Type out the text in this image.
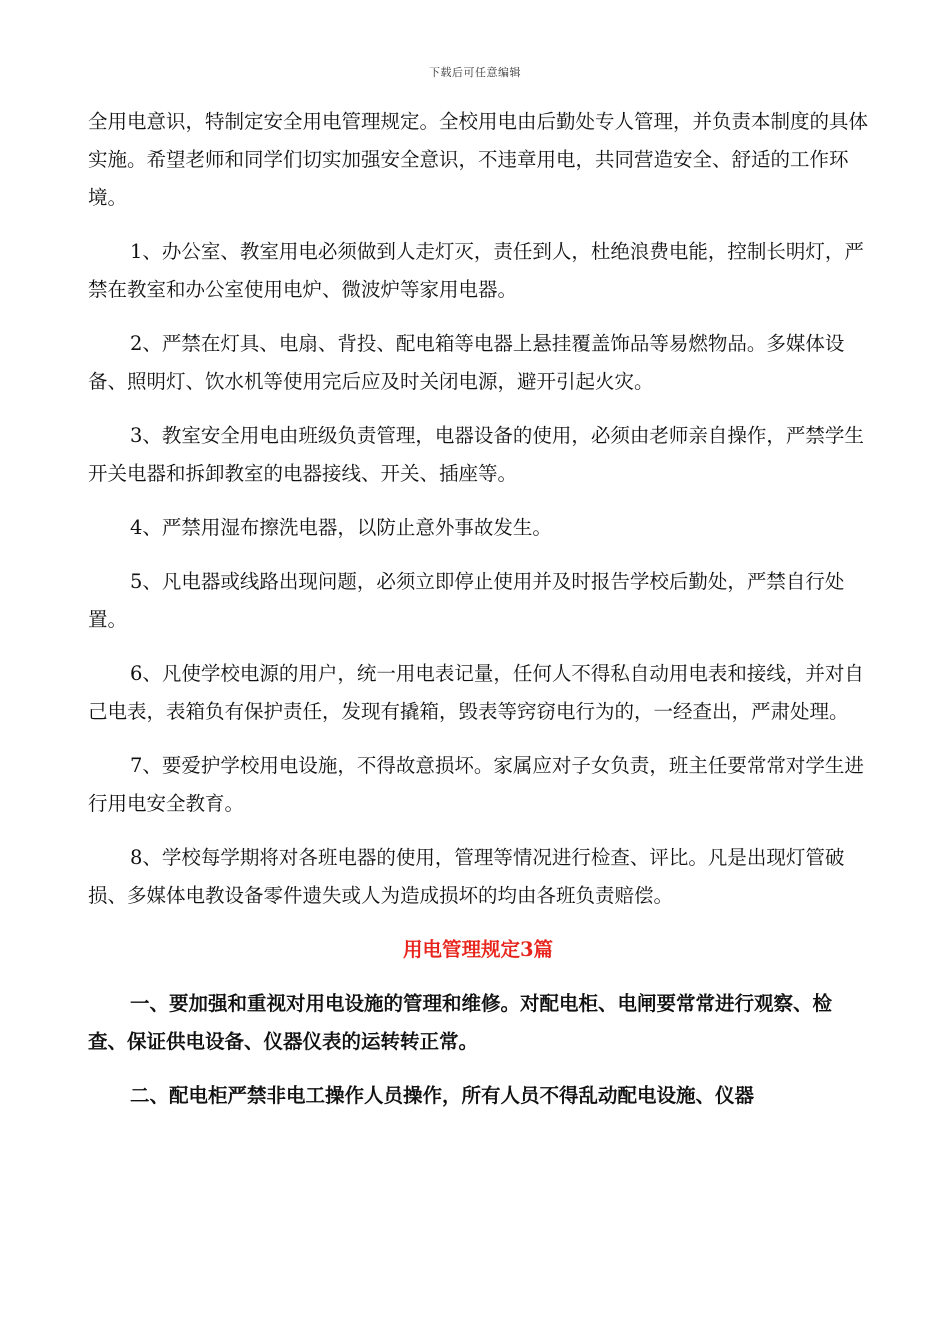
下载后可任意编辑

全用电意识，特制定安全用电管理规定。全校用电由后勤处专人管理，并负责本制度的具体实施。希望老师和同学们切实加强安全意识，不违章用电，共同营造安全、舒适的工作环境。

1、办公室、教室用电必须做到人走灯灭，责任到人，杜绝浪费电能，控制长明灯，严禁在教室和办公室使用电炉、微波炉等家用电器。

2、严禁在灯具、电扇、背投、配电箱等电器上悬挂覆盖饰品等易燃物品。多媒体设备、照明灯、饮水机等使用完后应及时关闭电源，避开引起火灾。

3、教室安全用电由班级负责管理，电器设备的使用，必须由老师亲自操作，严禁学生开关电器和拆卸教室的电器接线、开关、插座等。

4、严禁用湿布擦洗电器，以防止意外事故发生。

5、凡电器或线路出现问题，必须立即停止使用并及时报告学校后勤处，严禁自行处置。

6、凡使学校电源的用户，统一用电表记量，任何人不得私自动用电表和接线，并对自己电表，表箱负有保护责任，发现有撬箱，毁表等窍窃电行为的，一经查出，严肃处理。

7、要爱护学校用电设施，不得故意损坏。家属应对子女负责，班主任要常常对学生进行用电安全教育。

8、学校每学期将对各班电器的使用，管理等情况进行检查、评比。凡是出现灯管破损、多媒体电教设备零件遗失或人为造成损坏的均由各班负责赔偿。

用电管理规定3篇

一、要加强和重视对用电设施的管理和维修。对配电柜、电闸要常常进行观察、检查、保证供电设备、仪器仪表的运转转正常。

二、配电柜严禁非电工操作人员操作，所有人员不得乱动配电设施、仪器
